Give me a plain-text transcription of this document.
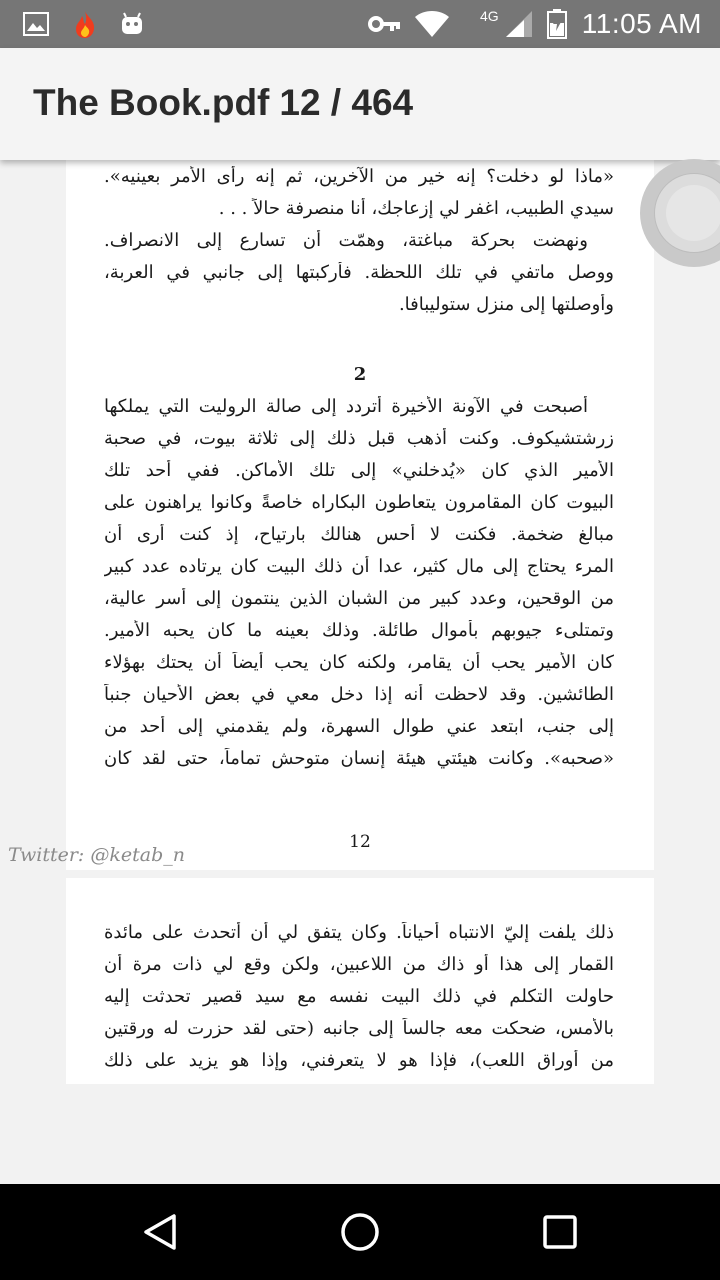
4G	11:05 AM
The Book.pdf 12 / 464
«ماذا لو دخلت؟ إنه خير من الآخرين، ثم إنه رأى الأمر بعينيه».
سيدي الطبيب، اغفر لي إزعاجك، أنا منصرفة حالاً . . .
ونهضت بحركة مباغتة، وهمّت أن تسارع إلى الانصراف.
ووصل ماتفي في تلك اللحظة. فأركبتها إلى جانبي في العربة،
وأوصلتها إلى منزل ستوليبافا.
2
أصبحت في الآونة الأخيرة أتردد إلى صالة الروليت التي يملكها
زرشتشيكوف. وكنت أذهب قبل ذلك إلى ثلاثة بيوت، في صحبة
الأمير الذي كان «يُدخلني» إلى تلك الأماكن. ففي أحد تلك
البيوت كان المقامرون يتعاطون البكاراه خاصةً وكانوا يراهنون على
مبالغ ضخمة. فكنت لا أحس هنالك بارتياح، إذ كنت أرى أن
المرء يحتاج إلى مال كثير، عدا أن ذلك البيت كان يرتاده عدد كبير
من الوقحين، وعدد كبير من الشبان الذين ينتمون إلى أسر عالية،
وتمتلىء جيوبهم بأموال طائلة. وذلك بعينه ما كان يحبه الأمير.
كان الأمير يحب أن يقامر، ولكنه كان يحب أيضاً أن يحتك بهؤلاء
الطائشين. وقد لاحظت أنه إذا دخل معي في بعض الأحيان جنباً
إلى جنب، ابتعد عني طوال السهرة، ولم يقدمني إلى أحد من
«صحبه». وكانت هيئتي هيئة إنسان متوحش تماماً، حتى لقد كان
12
Twitter: @ketab_n
ذلك يلفت إليّ الانتباه أحياناً. وكان يتفق لي أن أتحدث على مائدة
القمار إلى هذا أو ذاك من اللاعبين، ولكن وقع لي ذات مرة أن
حاولت التكلم في ذلك البيت نفسه مع سيد قصير تحدثت إليه
بالأمس، ضحكت معه جالساً إلى جانبه (حتى لقد حزرت له ورقتين
من أوراق اللعب)، فإذا هو لا يتعرفني، وإذا هو يزيد على ذلك
